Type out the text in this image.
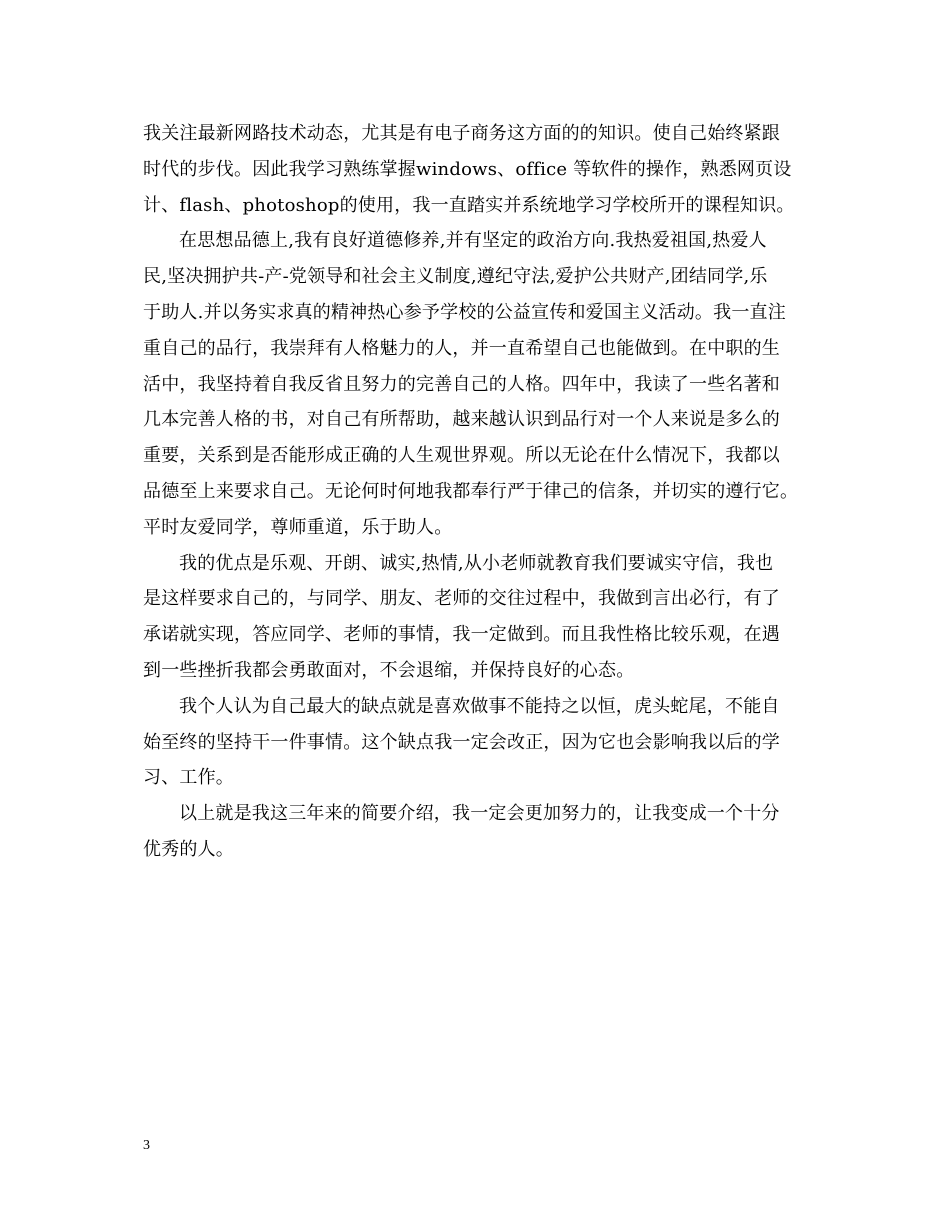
我关注最新网路技术动态，尤其是有电子商务这方面的的知识。使自己始终紧跟
时代的步伐。因此我学习熟练掌握windows、office 等软件的操作，熟悉网页设
计、flash、photoshop的使用，我一直踏实并系统地学习学校所开的课程知识。

在思想品德上,我有良好道德修养,并有坚定的政治方向.我热爱祖国,热爱人
民,坚决拥护共-产-党领导和社会主义制度,遵纪守法,爱护公共财产,团结同学,乐
于助人.并以务实求真的精神热心参予学校的公益宣传和爱国主义活动。我一直注
重自己的品行，我崇拜有人格魅力的人，并一直希望自己也能做到。在中职的生
活中，我坚持着自我反省且努力的完善自己的人格。四年中，我读了一些名著和
几本完善人格的书，对自己有所帮助，越来越认识到品行对一个人来说是多么的
重要，关系到是否能形成正确的人生观世界观。所以无论在什么情况下，我都以
品德至上来要求自己。无论何时何地我都奉行严于律己的信条，并切实的遵行它。
平时友爱同学，尊师重道，乐于助人。

我的优点是乐观、开朗、诚实,热情,从小老师就教育我们要诚实守信，我也
是这样要求自己的，与同学、朋友、老师的交往过程中，我做到言出必行，有了
承诺就实现，答应同学、老师的事情，我一定做到。而且我性格比较乐观，在遇
到一些挫折我都会勇敢面对，不会退缩，并保持良好的心态。

我个人认为自己最大的缺点就是喜欢做事不能持之以恒，虎头蛇尾，不能自
始至终的坚持干一件事情。这个缺点我一定会改正，因为它也会影响我以后的学
习、工作。

以上就是我这三年来的简要介绍，我一定会更加努力的，让我变成一个十分
优秀的人。

3
